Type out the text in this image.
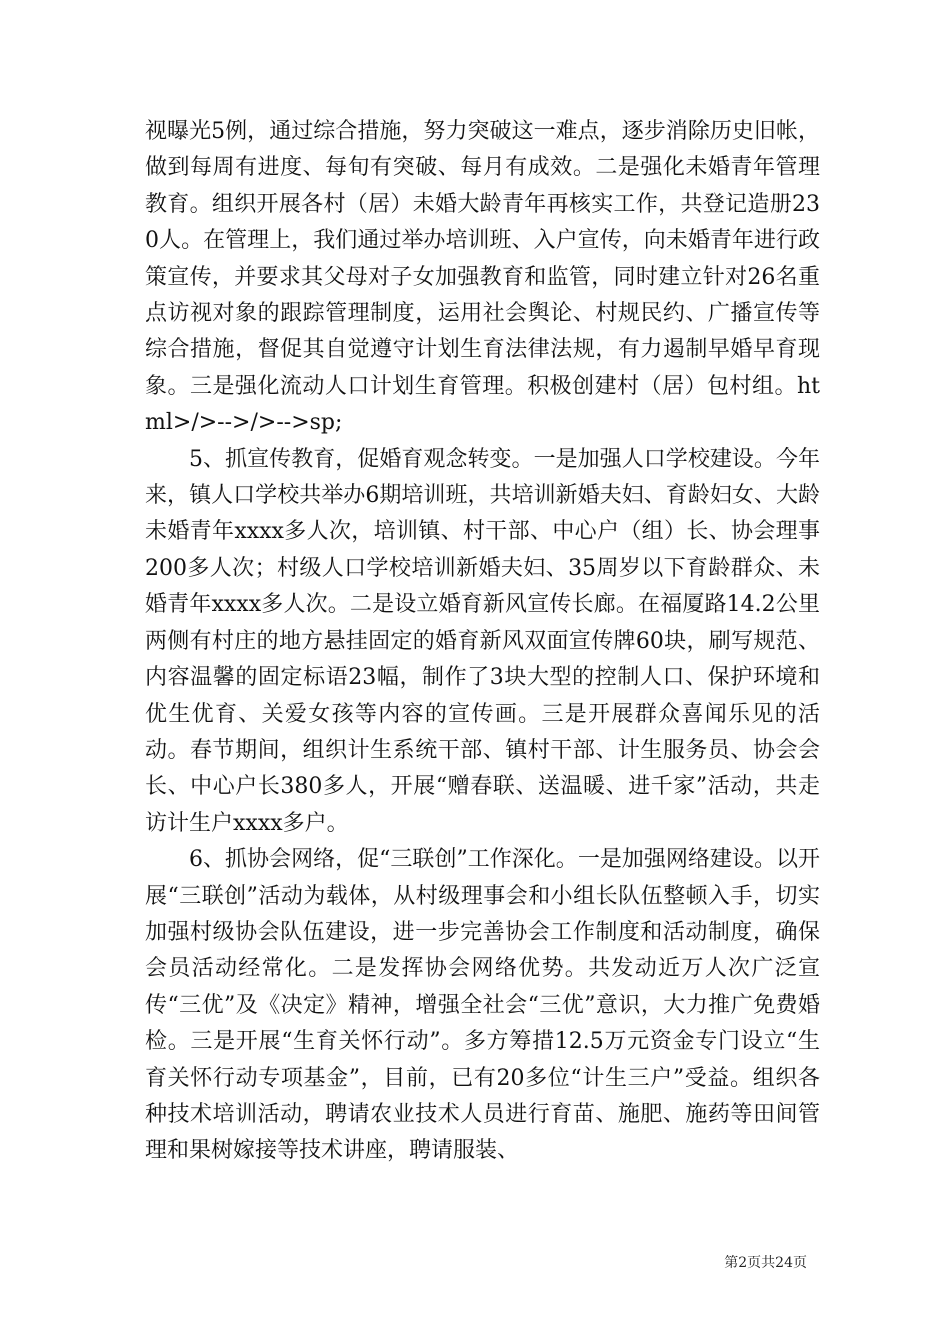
视曝光5例，通过综合措施，努力突破这一难点，逐步消除历史旧帐，做到每周有进度、每旬有突破、每月有成效。二是强化未婚青年管理教育。组织开展各村（居）未婚大龄青年再核实工作，共登记造册230人。在管理上，我们通过举办培训班、入户宣传，向未婚青年进行政策宣传，并要求其父母对子女加强教育和监管，同时建立针对26名重点访视对象的跟踪管理制度，运用社会舆论、村规民约、广播宣传等综合措施，督促其自觉遵守计划生育法律法规，有力遏制早婚早育现象。三是强化流动人口计划生育管理。积极创建村（居）包村组。html>/>-->/>-->sp;

5、抓宣传教育，促婚育观念转变。一是加强人口学校建设。今年来，镇人口学校共举办6期培训班，共培训新婚夫妇、育龄妇女、大龄未婚青年xxxx多人次，培训镇、村干部、中心户（组）长、协会理事200多人次；村级人口学校培训新婚夫妇、35周岁以下育龄群众、未婚青年xxxx多人次。二是设立婚育新风宣传长廊。在福厦路14.2公里两侧有村庄的地方悬挂固定的婚育新风双面宣传牌60块，刷写规范、内容温馨的固定标语23幅，制作了3块大型的控制人口、保护环境和优生优育、关爱女孩等内容的宣传画。三是开展群众喜闻乐见的活动。春节期间，组织计生系统干部、镇村干部、计生服务员、协会会长、中心户长380多人，开展“赠春联、送温暖、进千家”活动，共走访计生户xxxx多户。

6、抓协会网络，促“三联创”工作深化。一是加强网络建设。以开展“三联创”活动为载体，从村级理事会和小组长队伍整顿入手，切实加强村级协会队伍建设，进一步完善协会工作制度和活动制度，确保会员活动经常化。二是发挥协会网络优势。共发动近万人次广泛宣传“三优”及《决定》精神，增强全社会“三优”意识，大力推广免费婚检。三是开展“生育关怀行动”。多方筹措12.5万元资金专门设立“生育关怀行动专项基金”，目前，已有20多位“计生三户”受益。组织各种技术培训活动，聘请农业技术人员进行育苗、施肥、施药等田间管理和果树嫁接等技术讲座，聘请服装、

第2页共24页
